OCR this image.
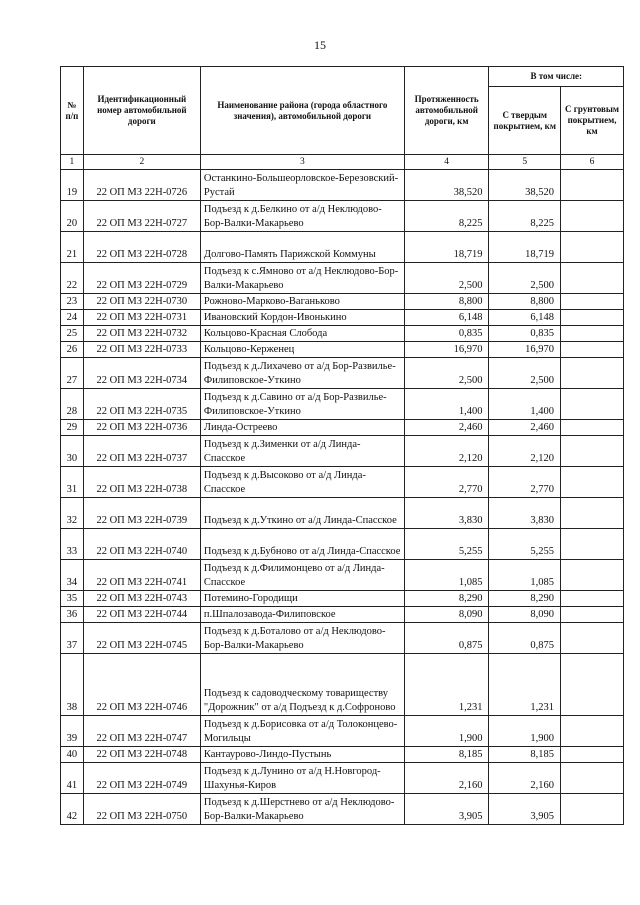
15
№ п/п	Идентификационный номер автомобильной дороги	Наименование района (города областного значения), автомобильной дороги	Протяженность автомобильной дороги, км	В том числе:	
				С твердым покрытием, км	С грунтовым покрытием, км
1	2	3	4	5	6
19	22 ОП МЗ 22Н-0726	Останкино-Большеорловское-Березовский-Рустай	38,520	38,520	
20	22 ОП МЗ 22Н-0727	Подъезд к д.Белкино от а/д Неклюдово-Бор-Валки-Макарьево	8,225	8,225	
21	22 ОП МЗ 22Н-0728	Долгово-Память Парижской Коммуны	18,719	18,719	
22	22 ОП МЗ 22Н-0729	Подъезд к с.Ямново от а/д Неклюдово-Бор-Валки-Макарьево	2,500	2,500	
23	22 ОП МЗ 22Н-0730	Рожново-Марково-Ваганьково	8,800	8,800	
24	22 ОП МЗ 22Н-0731	Ивановский Кордон-Ивонькино	6,148	6,148	
25	22 ОП МЗ 22Н-0732	Кольцово-Красная Слобода	0,835	0,835	
26	22 ОП МЗ 22Н-0733	Кольцово-Керженец	16,970	16,970	
27	22 ОП МЗ 22Н-0734	Подъезд к д.Лихачево от а/д Бор-Развилье-Филиповское-Уткино	2,500	2,500	
28	22 ОП МЗ 22Н-0735	Подъезд к д.Савино от а/д Бор-Развилье-Филиповское-Уткино	1,400	1,400	
29	22 ОП МЗ 22Н-0736	Линда-Остреево	2,460	2,460	
30	22 ОП МЗ 22Н-0737	Подъезд к д.Зименки от а/д Линда-Спасское	2,120	2,120	
31	22 ОП МЗ 22Н-0738	Подъезд к д.Высоково от а/д Линда-Спасское	2,770	2,770	
32	22 ОП МЗ 22Н-0739	Подъезд к д.Уткино от а/д Линда-Спасское	3,830	3,830	
33	22 ОП МЗ 22Н-0740	Подъезд к д.Бубново от а/д Линда-Спасское	5,255	5,255	
34	22 ОП МЗ 22Н-0741	Подъезд к д.Филимонцево от а/д Линда-Спасское	1,085	1,085	
35	22 ОП МЗ 22Н-0743	Потемино-Городищи	8,290	8,290	
36	22 ОП МЗ 22Н-0744	п.Шпалозавода-Филиповское	8,090	8,090	
37	22 ОП МЗ 22Н-0745	Подъезд к д.Боталово от а/д Неклюдово-Бор-Валки-Макарьево	0,875	0,875	
38	22 ОП МЗ 22Н-0746	Подъезд к садоводческому товариществу "Дорожник" от а/д Подъезд к д.Софроново	1,231	1,231	
39	22 ОП МЗ 22Н-0747	Подъезд к д.Борисовка от а/д Толоконцево-Могильцы	1,900	1,900	
40	22 ОП МЗ 22Н-0748	Кантаурово-Линдо-Пустынь	8,185	8,185	
41	22 ОП МЗ 22Н-0749	Подъезд к д.Лунино от а/д Н.Новгород-Шахунья-Киров	2,160	2,160	
42	22 ОП МЗ 22Н-0750	Подъезд к д.Шерстнево от а/д Неклюдово-Бор-Валки-Макарьево	3,905	3,905	
